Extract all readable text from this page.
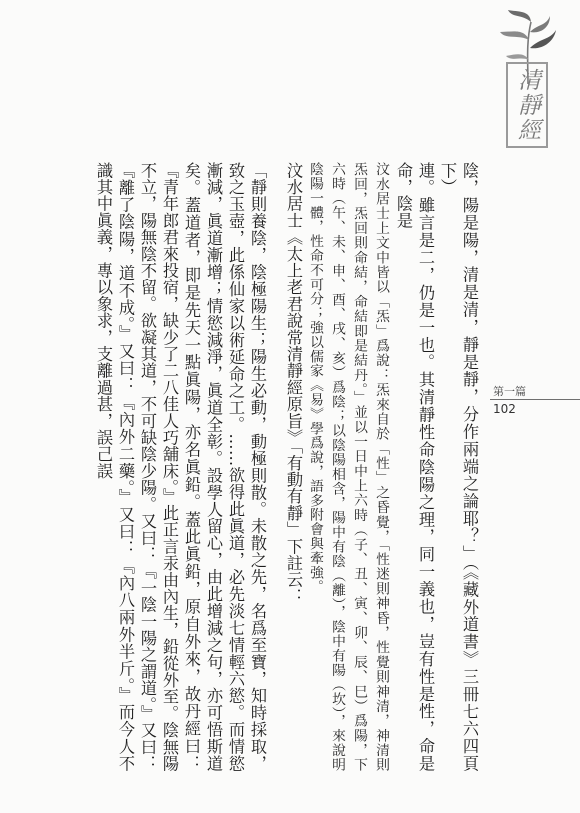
清靜經
第一篇
102

陰，陽是陽，清是清，靜是靜，分作兩端之論耶？」（《藏外道書》三冊七六四頁下）

連。雖言是二，仍是一也。其清靜性命陰陽之理，同一義也，豈有性是性，命是命，陰是

汶水居士上文中皆以「炁」爲說：炁來自於「性」之昏覺，「性迷則神昏，性覺則神清，神清則炁回，炁回則命結，命結即是結丹。」並以一日中上六時（子、丑、寅、卯、辰、巳）爲陽，下六時（午、未、申、酉、戌、亥）爲陰；以陰陽相含，陽中有陰（離），陰中有陽（坎），來說明陰陽一體，性命不可分；強以儒家《易》學爲說，語多附會與牽強。

汶水居士《太上老君說常清靜經原旨》「有動有靜」下註云：

「靜則養陰，陰極陽生；陽生必動，動極則散。未散之先，名爲至寶，知時採取，致之玉壺，此係仙家以術延命之工。……欲得此眞道，必先淡七情輕六慾。而情慾漸減，眞道漸增；情慾減淨，眞道全彰。設學人留心，由此增減之句，亦可悟斯道矣。蓋道者，即是先天一點眞陽，亦名眞鉛。蓋此眞鉛，原自外來，故丹經曰：『青年郎君來投宿，缺少了二八佳人巧舖床。』此正言汞由內生，鉛從外至。陰無陽不立，陽無陰不留。欲凝其道，不可缺陰少陽。又曰：『一陰一陽之謂道。』又曰：『離了陰陽，道不成。』又曰：『內外二藥。』又曰：『內八兩外半斤。』而今人不識其中眞義，專以象求，支離過甚，誤己誤
